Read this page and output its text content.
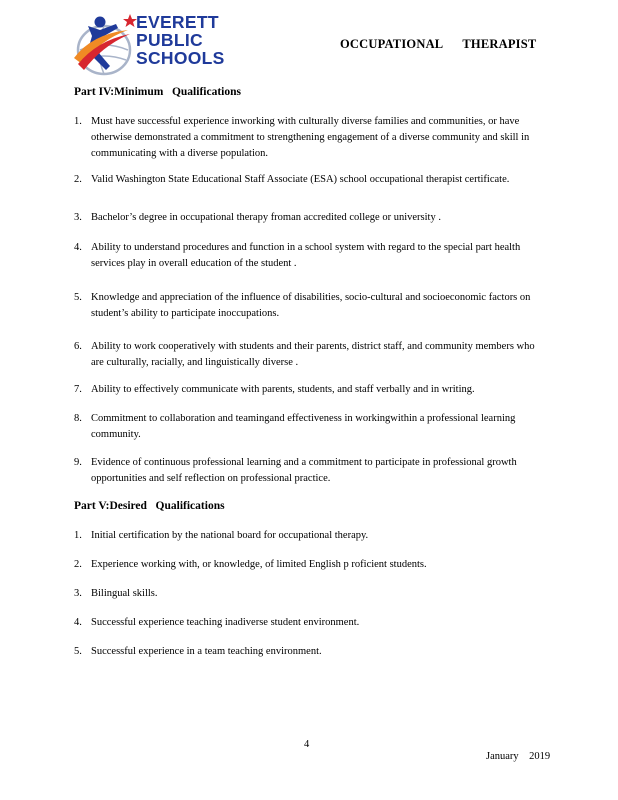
EVERETT
PUBLIC
SCHOOLS
OCCUPATIONAL      THERAPIST
Part IV:Minimum   Qualifications
1. Must have successful experience inworking with culturally diverse families and communities, or have otherwise demonstrated a commitment to strengthening engagement of a diverse community and skill in communicating with a diverse population.
2. Valid Washington State Educational Staff Associate (ESA) school occupational therapist certificate.
3. Bachelor’s degree in occupational therapy froman accredited college or university .
4. Ability to understand procedures and function in a school system with regard to the special part health services play in overall education of the student .
5. Knowledge and appreciation of the influence of disabilities, socio-cultural and socioeconomic factors on student’s ability to participate inoccupations.
6. Ability to work cooperatively with students and their parents, district staff, and community members who are culturally, racially, and linguistically diverse .
7. Ability to effectively communicate with parents, students, and staff verbally and in writing.
8. Commitment to collaboration and teamingand effectiveness in workingwithin a professional learning community.
9. Evidence of continuous professional learning and a commitment to participate in professional growth opportunities and self reflection on professional practice.
Part V:Desired   Qualifications
1. Initial certification by the national board for occupational therapy.
2. Experience working with, or knowledge, of limited English p roficient students.
3. Bilingual skills.
4. Successful experience teaching inadiverse student environment.
5. Successful experience in a team teaching environment.
4
January    2019
